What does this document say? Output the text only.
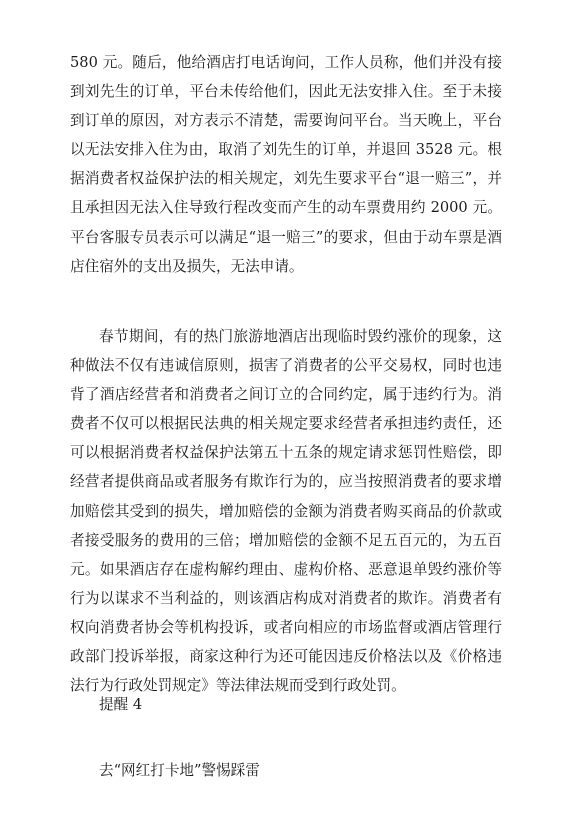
580 元。随后，他给酒店打电话询问，工作人员称，他们并没有接到刘先生的订单，平台未传给他们，因此无法安排入住。至于未接到订单的原因，对方表示不清楚，需要询问平台。当天晚上，平台以无法安排入住为由，取消了刘先生的订单，并退回 3528 元。根据消费者权益保护法的相关规定，刘先生要求平台“退一赔三”，并且承担因无法入住导致行程改变而产生的动车票费用约 2000 元。平台客服专员表示可以满足“退一赔三”的要求，但由于动车票是酒店住宿外的支出及损失，无法申请。

春节期间，有的热门旅游地酒店出现临时毁约涨价的现象，这种做法不仅有违诚信原则，损害了消费者的公平交易权，同时也违背了酒店经营者和消费者之间订立的合同约定，属于违约行为。消费者不仅可以根据民法典的相关规定要求经营者承担违约责任，还可以根据消费者权益保护法第五十五条的规定请求惩罚性赔偿，即经营者提供商品或者服务有欺诈行为的，应当按照消费者的要求增加赔偿其受到的损失，增加赔偿的金额为消费者购买商品的价款或者接受服务的费用的三倍；增加赔偿的金额不足五百元的，为五百元。如果酒店存在虚构解约理由、虚构价格、恶意退单毁约涨价等行为以谋求不当利益的，则该酒店构成对消费者的欺诈。消费者有权向消费者协会等机构投诉，或者向相应的市场监督或酒店管理行政部门投诉举报，商家这种行为还可能因违反价格法以及《价格违法行为行政处罚规定》等法律法规而受到行政处罚。

提醒 4

去“网红打卡地”警惕踩雷
